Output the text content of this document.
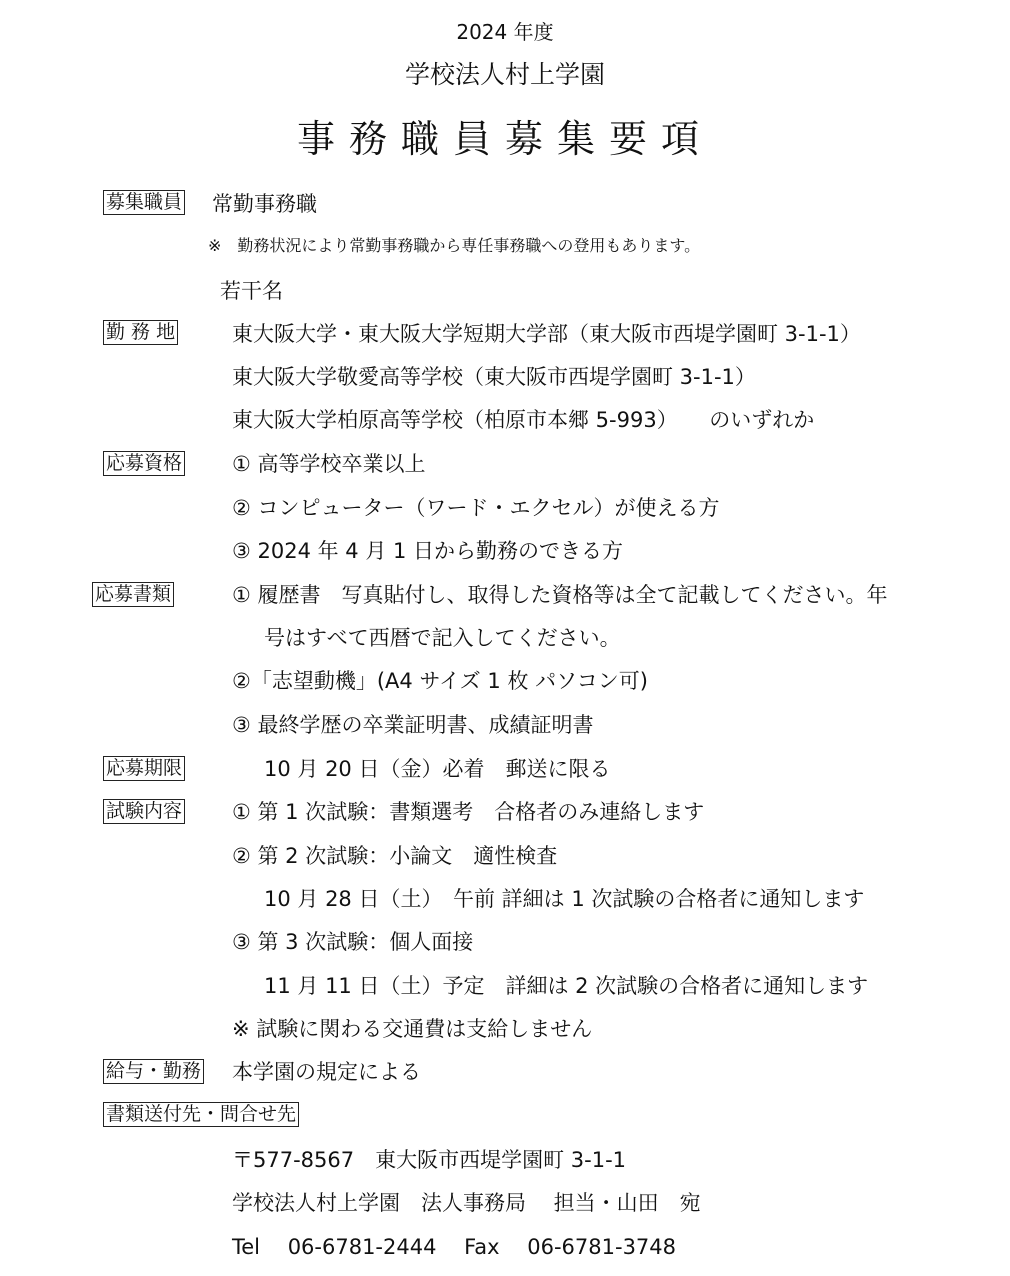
2024 年度
学校法人村上学園
事務職員募集要項
募集職員 常勤事務職
※　勤務状況により常勤事務職から専任事務職への登用もあります。
若干名
勤 務 地	東大阪大学・東大阪大学短期大学部（東大阪市西堤学園町 3-1-1）
東大阪大学敬愛高等学校（東大阪市西堤学園町 3-1-1）
東大阪大学柏原高等学校（柏原市本郷 5-993）　　のいずれか
応募資格 ① 高等学校卒業以上
② コンピューター（ワード・エクセル）が使える方
③ 2024 年 4 月 1 日から勤務のできる方
応募書類	① 履歴書　写真貼付し、取得した資格等は全て記載してください。年
号はすべて西暦で記入してください。
②「志望動機」(A4 サイズ 1 枚 パソコン可)
③ 最終学歴の卒業証明書、成績証明書
応募期限	10 月 20 日（金）必着　郵送に限る
試験内容 ① 第 1 次試験：書類選考　合格者のみ連絡します
② 第 2 次試験：小論文　適性検査
10 月 28 日（土）　午前 詳細は 1 次試験の合格者に通知します
③ 第 3 次試験：個人面接
11 月 11 日（土）予定　詳細は 2 次試験の合格者に通知します
※ 試験に関わる交通費は支給しません
給与・勤務 本学園の規定による
書類送付先・問合せ先
〒577-8567　東大阪市西堤学園町 3-1-1
学校法人村上学園　法人事務局　 担当・山田　宛
Tel　 06-6781-2444　 Fax　 06-6781-3748
